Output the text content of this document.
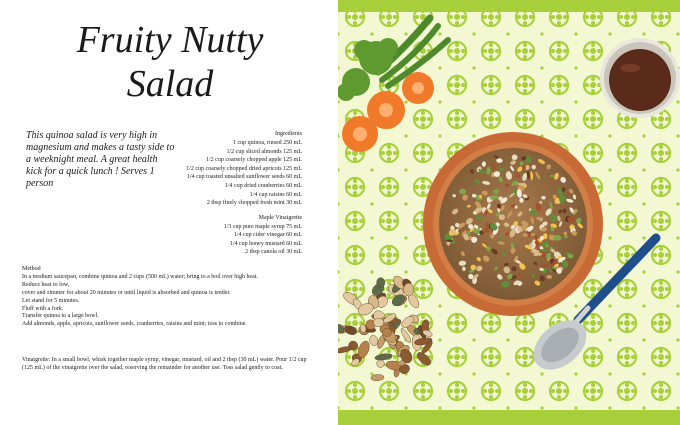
Fruity Nutty
Salad

This quinoa salad is very high in magnesium and makes a tasty side to a weeknight meal. A great health kick for a quick lunch ! Serves 1 person

Ingredients
1 cup quinoa, rinsed 250 mL
1/2 cup sliced almonds 125 mL
1/2 cup coarsely chopped apple 125 mL
1/2 cup coarsely chopped dried apricots 125 mL
1/4 cup toasted unsalted sunflower seeds 60 mL
1/4 cup dried cranberries 60 mL
1/4 cup raisins 60 mL
2 tbsp finely chopped fresh mint 30 mL
Maple Vinaigrette
1/3 cup pure maple syrup 75 mL
1/4 cup cider vinegar 60 mL
1/4 cup honey mustard 60 mL
2 tbsp canola oil 30 mL
Method
In a medium saucepan, combine quinoa and 2 cups (500 mL) water; bring to a boil over high heat.
Reduce heat to low,
cover and simmer for about 20 minutes or until liquid is absorbed and quinoa is tender.
Let stand for 5 minutes.
Fluff with a fork.
Transfer quinoa to a large bowl.
Add almonds, apple, apricots, sunflower seeds, cranberries, raisins and mint; toss to combine.

Vinaigrette: In a small bowl, whisk together maple syrup, vinegar, mustard, oil and 2 tbsp (30 mL) water. Pour 1/2 cup (125 mL) of the vinaigrette over the salad, reserving the remainder for another use. Toss salad gently to coat.
